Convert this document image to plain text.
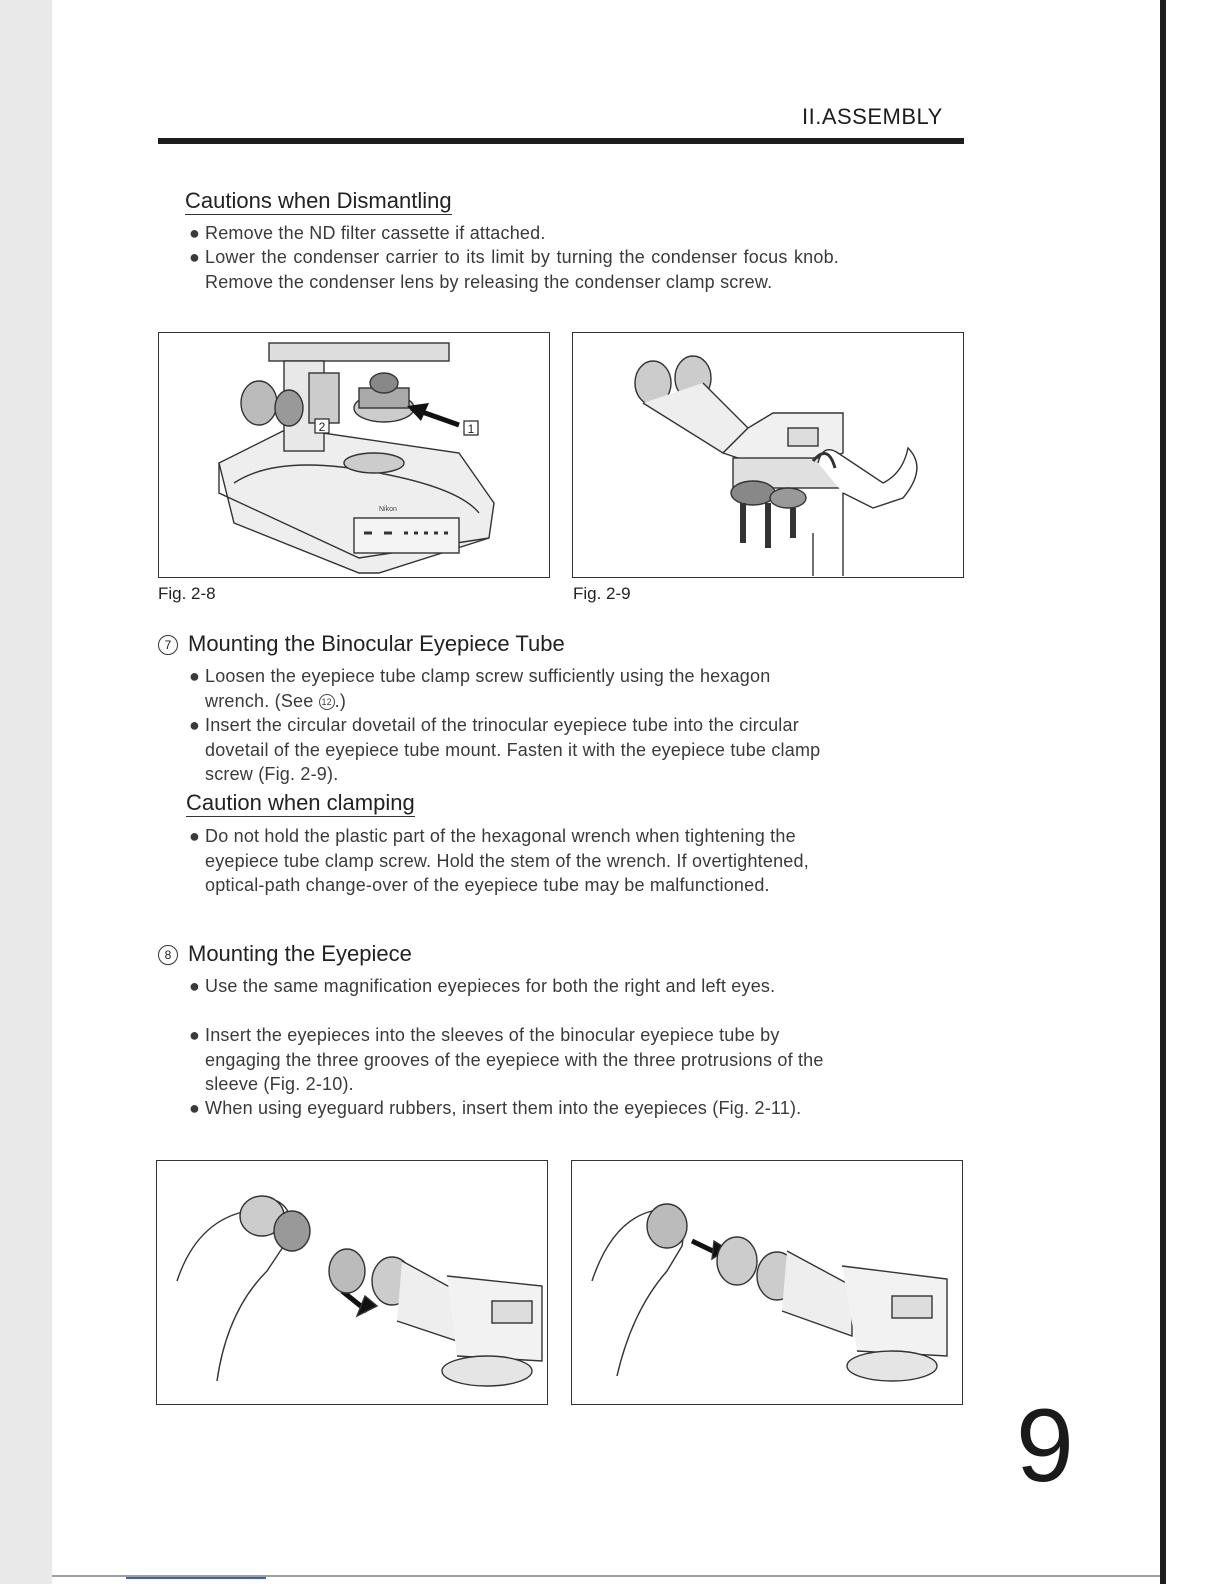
II.ASSEMBLY
Cautions when Dismantling
● Remove the ND filter cassette if attached.
● Lower the condenser carrier to its limit by turning the condenser focus knob. Remove the condenser lens by releasing the condenser clamp screw.
1
2
Nikon
Fig. 2-8	Fig. 2-9
7 Mounting the Binocular Eyepiece Tube
● Loosen the eyepiece tube clamp screw sufficiently using the hexagon wrench. (See 12 .)
● Insert the circular dovetail of the trinocular eyepiece tube into the circular dovetail of the eyepiece tube mount. Fasten it with the eyepiece tube clamp screw (Fig. 2-9).
Caution when clamping
● Do not hold the plastic part of the hexagonal wrench when tightening the eyepiece tube clamp screw. Hold the stem of the wrench. If overtightened, optical-path change-over of the eyepiece tube may be malfunctioned.
8 Mounting the Eyepiece
● Use the same magnification eyepieces for both the right and left eyes.
● Insert the eyepieces into the sleeves of the binocular eyepiece tube by engaging the three grooves of the eyepiece with the three protrusions of the sleeve (Fig. 2-10).
● When using eyeguard rubbers, insert them into the eyepieces (Fig. 2-11).
9
